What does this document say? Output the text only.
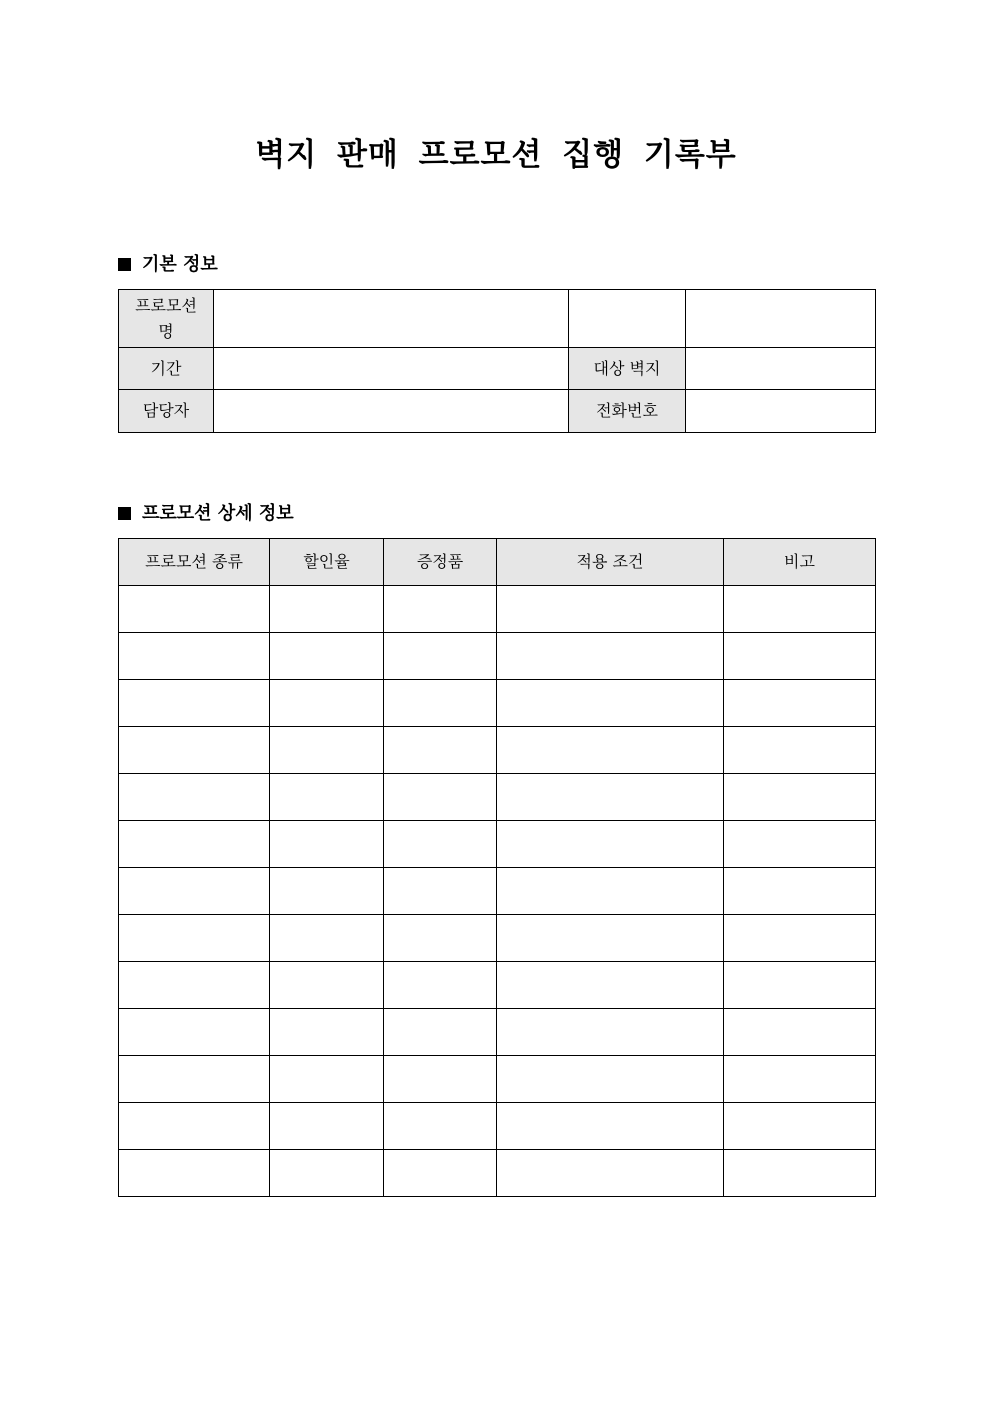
벽지 판매 프로모션 집행 기록부
기본 정보
프로모션명			

기간		대상 벽지	
담당자		전화번호	
프로모션 상세 정보
프로모션 종류	할인율	증정품	적용 조건	비고
